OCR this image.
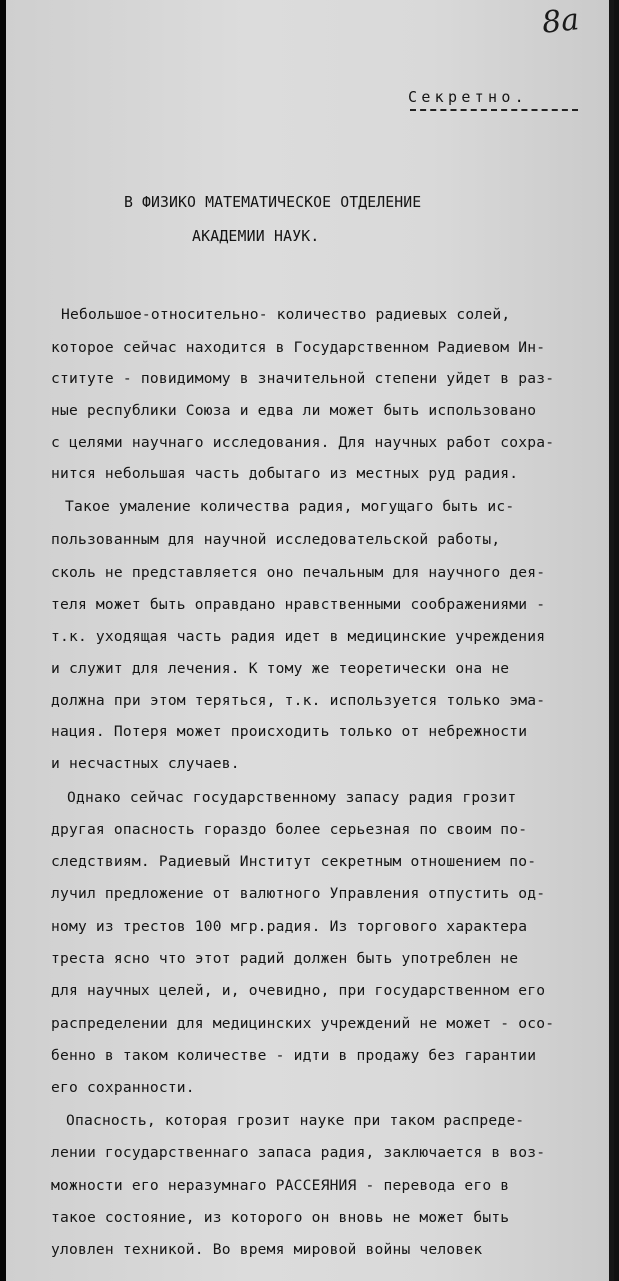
8а
Секретно.
В ФИЗИКО МАТЕМАТИЧЕСКОЕ ОТДЕЛЕНИЕ
АКАДЕМИИ НАУК.
Небольшое-относительно- количество радиевых солей,
которое сейчас находится в Государственном Радиевом Ин-
ституте - повидимому в значительной степени уйдет в раз-
ные республики Союза и едва ли может быть использовано
с целями научнаго исследования. Для научных работ сохра-
нится небольшая часть добытаго из местных руд радия.
Такое умаление количества радия, могущаго быть ис-
пользованным для научной исследовательской работы,
сколь не представляется оно печальным для научного дея-
теля может быть оправдано нравственными соображениями -
т.к. уходящая часть радия идет в медицинские учреждения
и служит для лечения. К тому же теоретически она не
должна при этом теряться, т.к. используется только эма-
нация. Потеря может происходить только от небрежности
и несчастных случаев.
Однако сейчас государственному запасу радия грозит
другая опасность гораздо более серьезная по своим по-
следствиям. Радиевый Институт секретным отношением по-
лучил предложение от валютного Управления отпустить од-
ному из трестов 100 мгр.радия. Из торгового характера
треста ясно что этот радий должен быть употреблен не
для научных целей, и, очевидно, при государственном его
распределении для медицинских учреждений не может - осо-
бенно в таком количестве - идти в продажу без гарантии
его сохранности.
Опасность, которая грозит науке при таком распреде-
лении государственнаго запаса радия, заключается в воз-
можности его неразумнаго РАССЕЯНИЯ - перевода его в
такое состояние, из которого он вновь не может быть
уловлен техникой. Во время мировой войны человек
